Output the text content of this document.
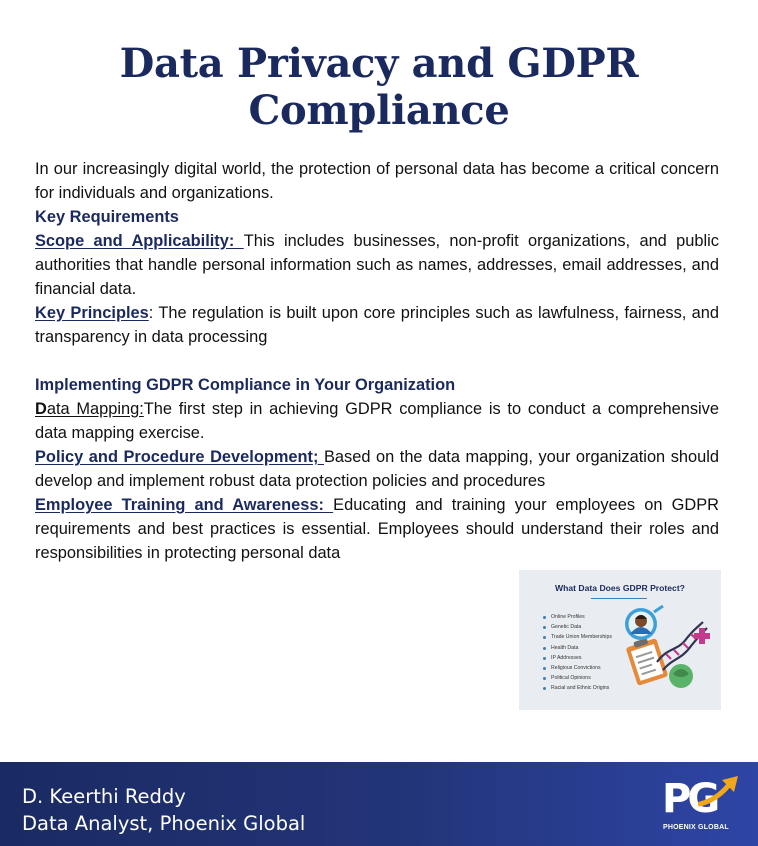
Data Privacy and GDPR
Compliance
In our increasingly digital world, the protection of personal data has become a critical concern for individuals and organizations.
Key Requirements
Scope and Applicability: This includes businesses, non-profit organizations, and public authorities that handle personal information such as names, addresses, email addresses, and financial data.
Key Principles: The regulation is built upon core principles such as lawfulness, fairness, and transparency in data processing
Implementing GDPR Compliance in Your Organization
Data Mapping:The first step in achieving GDPR compliance is to conduct a comprehensive data mapping exercise.
Policy and Procedure Development; Based on the data mapping, your organization should develop and implement robust data protection policies and procedures
Employee Training and Awareness: Educating and training your employees on GDPR requirements and best practices is essential. Employees should understand their roles and responsibilities in protecting personal data
What Data Does GDPR Protect?
Online Profiles
Genetic Data
Trade Union Memberships
Health Data
IP Addresses
Religious Convictions
Political Opinions
Racial and Ethnic Origins
D. Keerthi Reddy
Data Analyst, Phoenix Global
PG
PHOENIX GLOBAL
